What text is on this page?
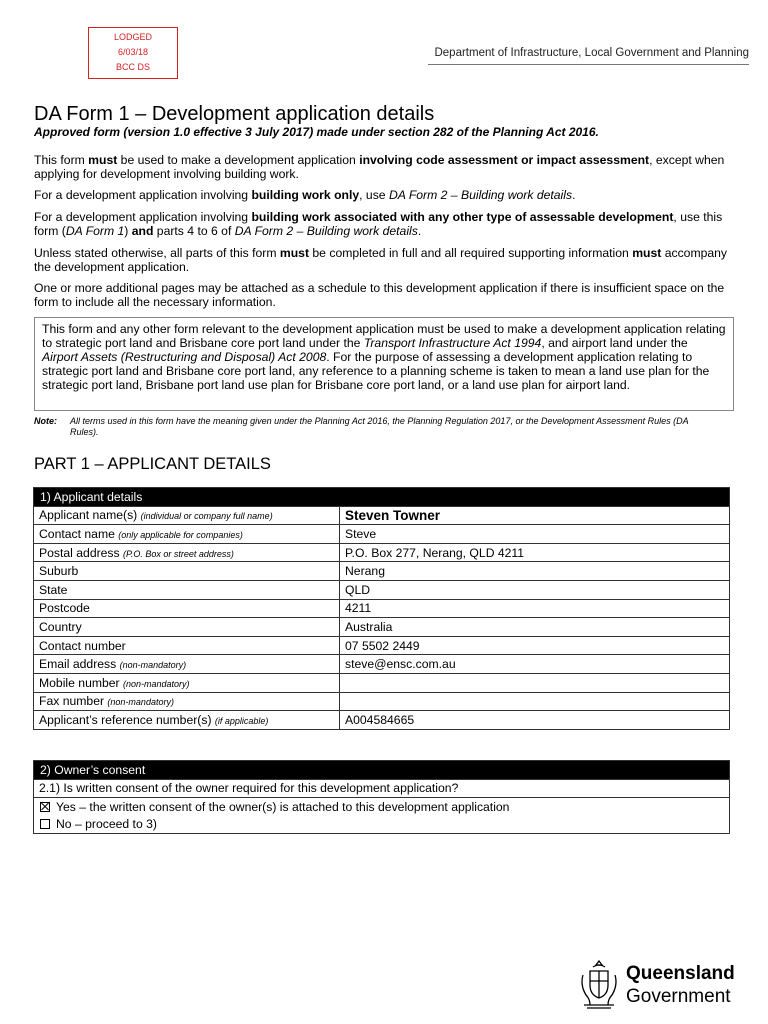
LODGED
6/03/18
BCC DS
Department of Infrastructure, Local Government and Planning
DA Form 1 – Development application details
Approved form (version 1.0 effective 3 July 2017) made under section 282 of the Planning Act 2016.
This form must be used to make a development application involving code assessment or impact assessment, except when applying for development involving building work.
For a development application involving building work only, use DA Form 2 – Building work details.
For a development application involving building work associated with any other type of assessable development, use this form (DA Form 1) and parts 4 to 6 of DA Form 2 – Building work details.
Unless stated otherwise, all parts of this form must be completed in full and all required supporting information must accompany the development application.
One or more additional pages may be attached as a schedule to this development application if there is insufficient space on the form to include all the necessary information.
This form and any other form relevant to the development application must be used to make a development application relating to strategic port land and Brisbane core port land under the Transport Infrastructure Act 1994, and airport land under the Airport Assets (Restructuring and Disposal) Act 2008. For the purpose of assessing a development application relating to strategic port land and Brisbane core port land, any reference to a planning scheme is taken to mean a land use plan for the strategic port land, Brisbane port land use plan for Brisbane core port land, or a land use plan for airport land.
Note: All terms used in this form have the meaning given under the Planning Act 2016, the Planning Regulation 2017, or the Development Assessment Rules (DA Rules).
PART 1 – APPLICANT DETAILS
1) Applicant details	
Applicant name(s) (individual or company full name)	Steven Towner
Contact name (only applicable for companies)	Steve
Postal address (P.O. Box or street address)	P.O. Box 277, Nerang, QLD 4211
Suburb	Nerang
State	QLD
Postcode	4211
Country	Australia
Contact number	07 5502 2449
Email address (non-mandatory)	steve@ensc.com.au
Mobile number (non-mandatory)	
Fax number (non-mandatory)	
Applicant’s reference number(s) (if applicable)	A004584665
2) Owner’s consent
2.1) Is written consent of the owner required for this development application?

Yes – the written consent of the owner(s) is attached to this development application
No – proceed to 3)
Queensland
Government
